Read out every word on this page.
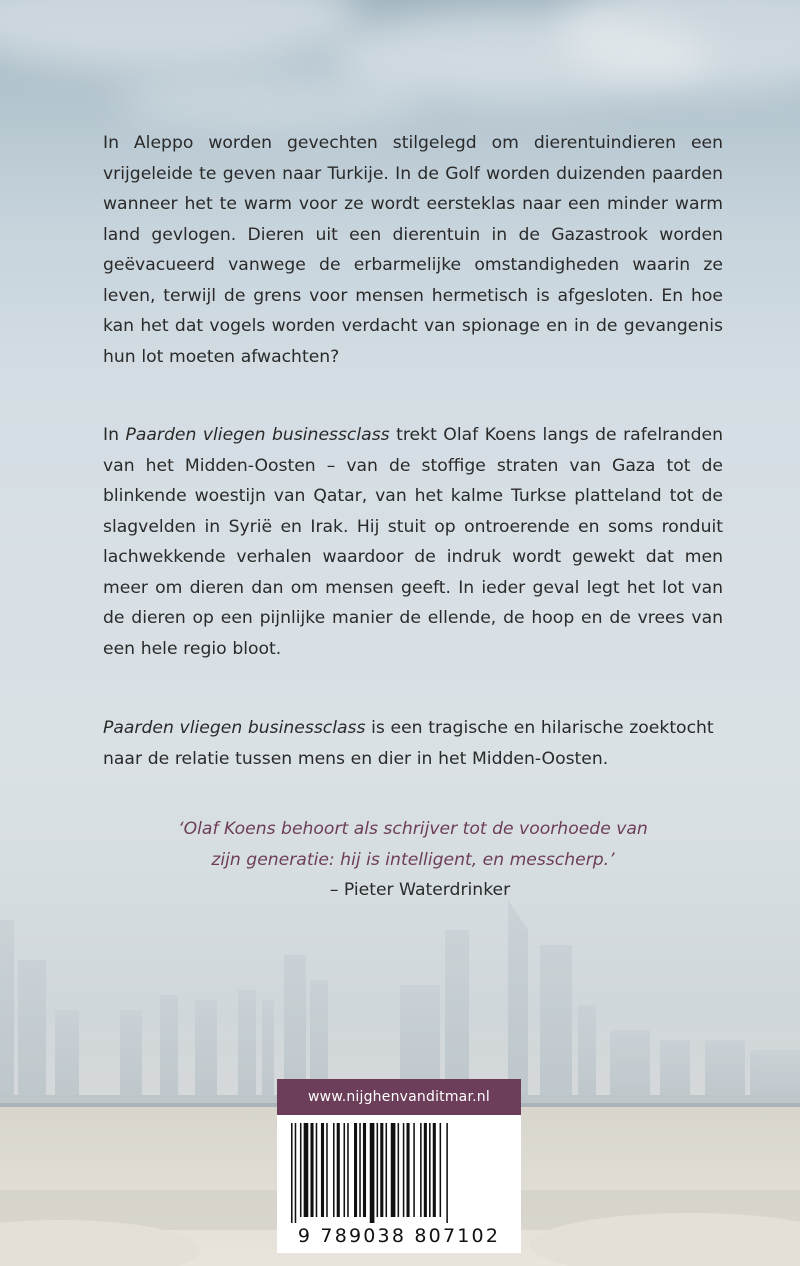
In Aleppo worden gevechten stilgelegd om dierentuindieren een vrijgeleide te geven naar Turkije. In de Golf worden duizenden paarden wanneer het te warm voor ze wordt eersteklas naar een minder warm land gevlogen. Dieren uit een dierentuin in de Gazastrook worden geëvacueerd vanwege de erbarmelijke omstandigheden waarin ze leven, terwijl de grens voor mensen hermetisch is afgesloten. En hoe kan het dat vogels worden verdacht van spionage en in de gevangenis hun lot moeten afwachten?

In Paarden vliegen businessclass trekt Olaf Koens langs de rafelranden van het Midden-Oosten – van de stoffige straten van Gaza tot de blinkende woestijn van Qatar, van het kalme Turkse platteland tot de slagvelden in Syrië en Irak. Hij stuit op ontroerende en soms ronduit lachwekkende verhalen waardoor de indruk wordt gewekt dat men meer om dieren dan om mensen geeft. In ieder geval legt het lot van de dieren op een pijnlijke manier de ellende, de hoop en de vrees van een hele regio bloot.

Paarden vliegen businessclass is een tragische en hilarische zoektocht naar de relatie tussen mens en dier in het Midden-Oosten.

‘Olaf Koens behoort als schrijver tot de voorhoede van
zijn generatie: hij is intelligent, en messcherp.’

– Pieter Waterdrinker
www.nijghenvanditmar.nl
9 789038 807102
